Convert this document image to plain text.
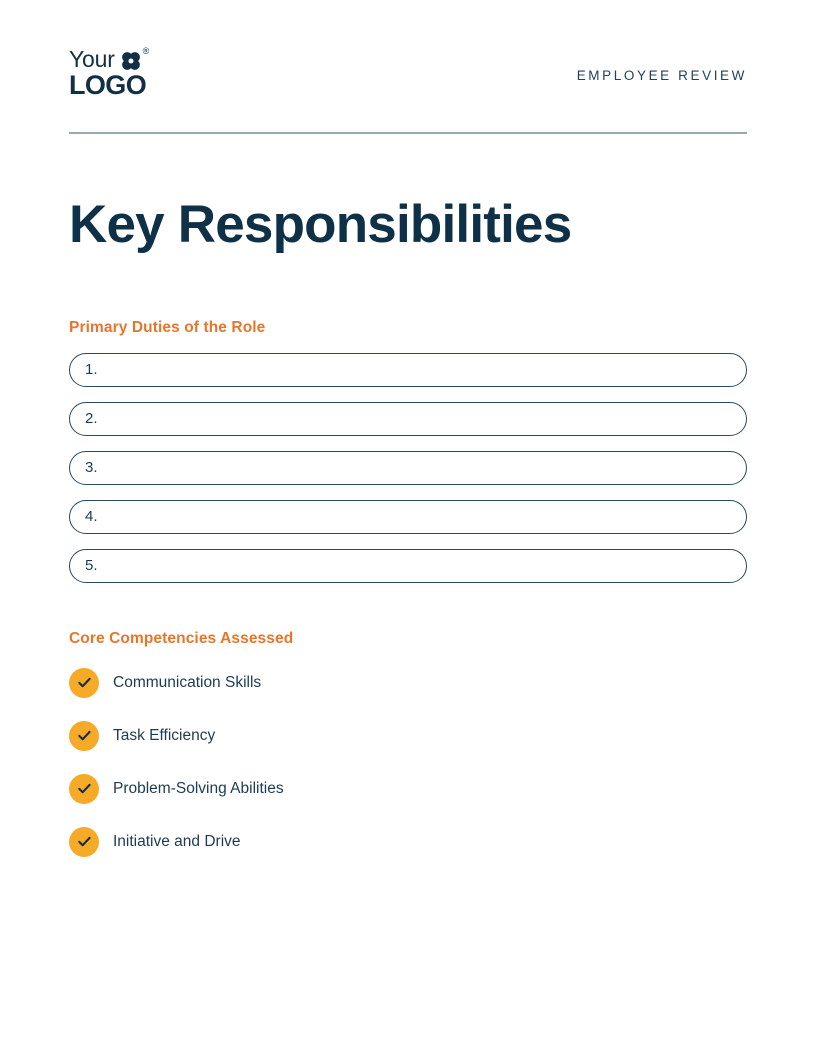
Your	®
LOGO	EMPLOYEE REVIEW
Key Responsibilities
Primary Duties of the Role
1.
2.
3.
4.
5.
Core Competencies Assessed
Communication Skills
Task Efficiency
Problem-Solving Abilities
Initiative and Drive
